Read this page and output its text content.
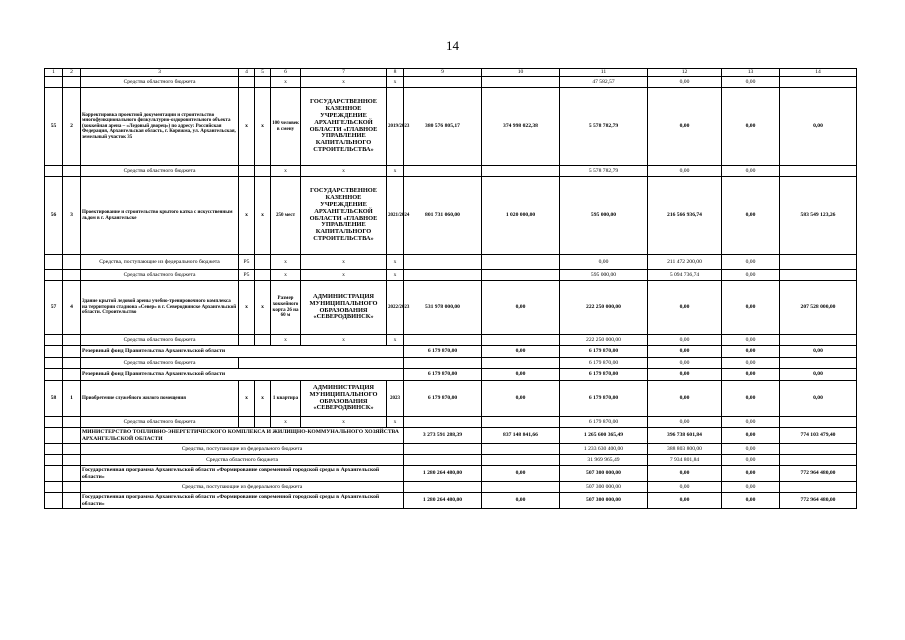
14
1	2	3	4	5	6	7	8	9	10	11	12	13	14
		Средства областного бюджета			x	x	x			47 582,57	0,00	0,00	
55	2	Корректировка проектной документации и строительство многофункционального физкультурно-оздоровительного объекта (хоккейная арена – «Ледовый дворец») по адресу: Российская Федерация, Архангельская область, г. Коряжма, ул. Архангельская, земельный участок 35	x	x	100 человек в смену	ГОСУДАРСТВЕННОЕ КАЗЕННОЕ УЧРЕЖДЕНИЕ АРХАНГЕЛЬСКОЙ ОБЛАСТИ «ГЛАВНОЕ УПРАВЛЕНИЕ КАПИТАЛЬНОГО СТРОИТЕЛЬСТВА»	2019/2023	380 576 805,17	374 998 022,38	5 578 782,79	0,00	0,00	0,00
		Средства областного бюджета			x	x	x			5 578 782,79	0,00	0,00	
56	3	Проектирование и строительство крытого катка с искусственным льдом в г. Архангельске	x	x	250 мест	ГОСУДАРСТВЕННОЕ КАЗЕННОЕ УЧРЕЖДЕНИЕ АРХАНГЕЛЬСКОЙ ОБЛАСТИ «ГЛАВНОЕ УПРАВЛЕНИЕ КАПИТАЛЬНОГО СТРОИТЕЛЬСТВА»	2021/2024	801 731 060,00	1 020 000,00	595 000,00	216 566 936,74	0,00	583 549 123,26
		Средства, поступающие из федерального бюджета	P5		x	x	x			0,00	211 472 200,00	0,00	
		Средства областного бюджета	P5		x	x	x			595 000,00	5 094 736,74	0,00	
57	4	Здание крытой ледовой арены учебно-тренировочного комплекса на территории стадиона «Север» в г. Северодвинске Архангельской области. Строительство	x	x	Размер хоккейного корта 26 на 60 м	АДМИНИСТРАЦИЯ МУНИЦИПАЛЬНОГО ОБРАЗОВАНИЯ «СЕВЕРОДВИНСК»	2022/2023	531 978 000,00	0,00	222 250 000,00	0,00	0,00	207 528 000,00
		Средства областного бюджета			x	x	x			222 250 000,00	0,00	0,00	
		Резервный фонд Правительства Архангельской области						6 179 870,00	0,00	6 179 870,00	0,00	0,00	0,00
		Средства областного бюджета								6 179 870,00	0,00	0,00	
		Резервный фонд Правительства Архангельской области						6 179 870,00	0,00	6 179 870,00	0,00	0,00	0,00
58	1	Приобретение служебного жилого помещения	x	x	1 квартира	АДМИНИСТРАЦИЯ МУНИЦИПАЛЬНОГО ОБРАЗОВАНИЯ «СЕВЕРОДВИНСК»	2023	6 179 870,00	0,00	6 179 870,00	0,00	0,00	0,00
		Средства областного бюджета			x	x	x			6 179 870,00	0,00	0,00	
		МИНИСТЕРСТВО ТОПЛИВНО-ЭНЕРГЕТИЧЕСКОГО КОМПЛЕКСА И ЖИЛИЩНО-КОММУНАЛЬНОГО ХОЗЯЙСТВА АРХАНГЕЛЬСКОЙ ОБЛАСТИ						3 273 591 288,39	837 148 841,66	1 265 600 365,49	396 738 601,84	0,00	774 103 479,40
		Средства, поступающие из федерального бюджета								1 233 630 400,00	388 803 800,00	0,00	
		Средства областного бюджета								31 969 965,49	7 934 801,84	0,00	
		Государственная программа Архангельской области «Формирование современной городской среды в Архангельской области»						1 280 264 480,00	0,00	507 300 000,00	0,00	0,00	772 964 480,00
		Средства, поступающие из федерального бюджета								507 300 000,00	0,00	0,00	
		Государственная программа Архангельской области «Формирование современной городской среды в Архангельской области»						1 280 264 480,00	0,00	507 300 000,00	0,00	0,00	772 964 480,00
